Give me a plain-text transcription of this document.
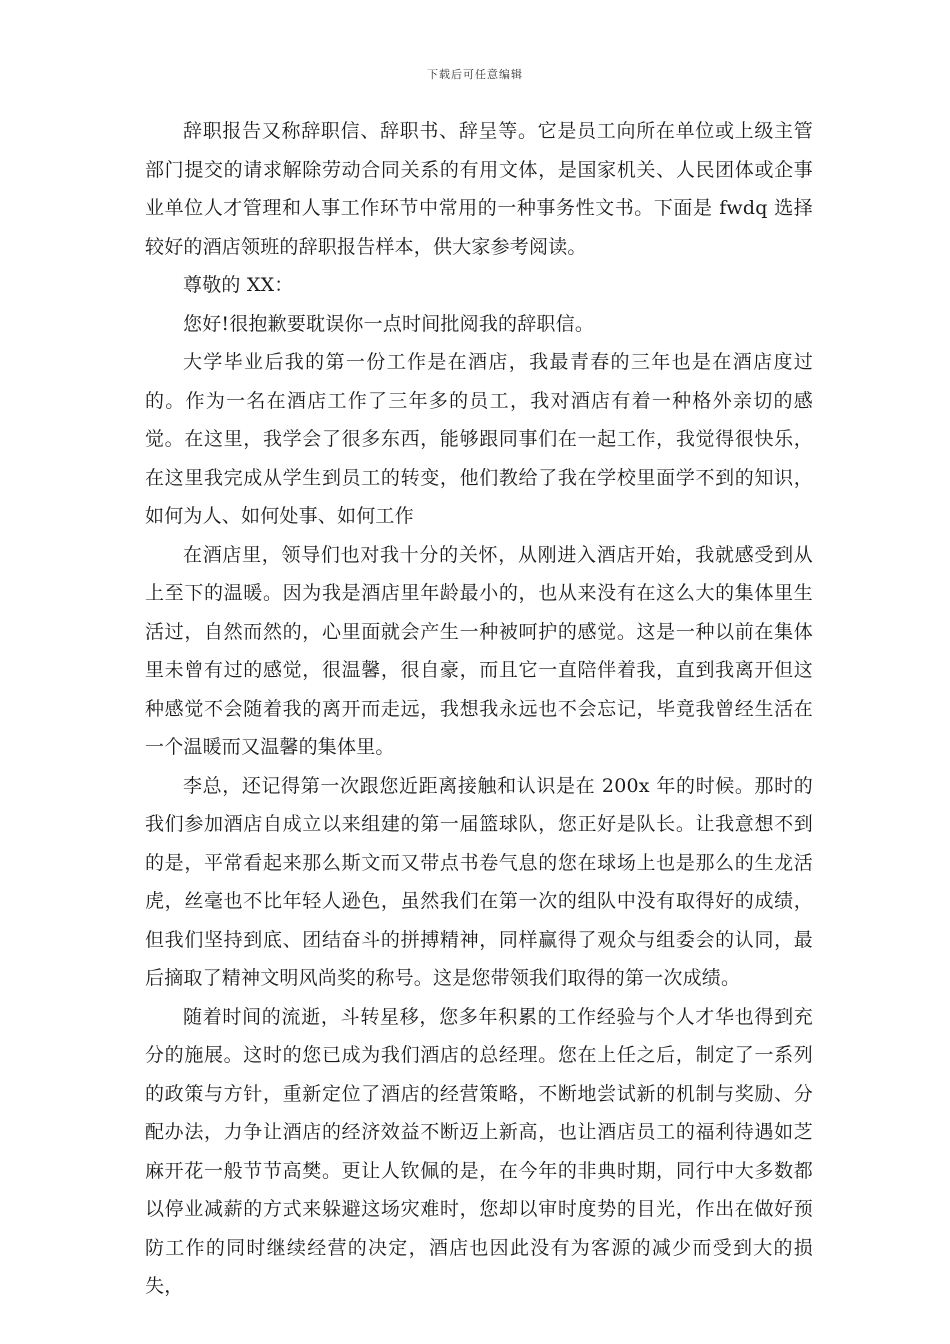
下载后可任意编辑

辞职报告又称辞职信、辞职书、辞呈等。它是员工向所在单位或上级主管部门提交的请求解除劳动合同关系的有用文体，是国家机关、人民团体或企事业单位人才管理和人事工作环节中常用的一种事务性文书。下面是 fwdq 选择较好的酒店领班的辞职报告样本，供大家参考阅读。

尊敬的 XX：

您好!很抱歉要耽误你一点时间批阅我的辞职信。

大学毕业后我的第一份工作是在酒店，我最青春的三年也是在酒店度过的。作为一名在酒店工作了三年多的员工，我对酒店有着一种格外亲切的感觉。在这里，我学会了很多东西，能够跟同事们在一起工作，我觉得很快乐，在这里我完成从学生到员工的转变，他们教给了我在学校里面学不到的知识，如何为人、如何处事、如何工作

在酒店里，领导们也对我十分的关怀，从刚进入酒店开始，我就感受到从上至下的温暖。因为我是酒店里年龄最小的，也从来没有在这么大的集体里生活过，自然而然的，心里面就会产生一种被呵护的感觉。这是一种以前在集体里未曾有过的感觉，很温馨，很自豪，而且它一直陪伴着我，直到我离开但这种感觉不会随着我的离开而走远，我想我永远也不会忘记，毕竟我曾经生活在一个温暖而又温馨的集体里。

李总，还记得第一次跟您近距离接触和认识是在 200x 年的时候。那时的我们参加酒店自成立以来组建的第一届篮球队，您正好是队长。让我意想不到的是，平常看起来那么斯文而又带点书卷气息的您在球场上也是那么的生龙活虎，丝毫也不比年轻人逊色，虽然我们在第一次的组队中没有取得好的成绩，但我们坚持到底、团结奋斗的拼搏精神，同样赢得了观众与组委会的认同，最后摘取了精神文明风尚奖的称号。这是您带领我们取得的第一次成绩。

随着时间的流逝，斗转星移，您多年积累的工作经验与个人才华也得到充分的施展。这时的您已成为我们酒店的总经理。您在上任之后，制定了一系列的政策与方针，重新定位了酒店的经营策略，不断地尝试新的机制与奖励、分配办法，力争让酒店的经济效益不断迈上新高，也让酒店员工的福利待遇如芝麻开花一般节节高樊。更让人钦佩的是，在今年的非典时期，同行中大多数都以停业减薪的方式来躲避这场灾难时，您却以审时度势的目光，作出在做好预防工作的同时继续经营的决定，酒店也因此没有为客源的减少而受到大的损失，
